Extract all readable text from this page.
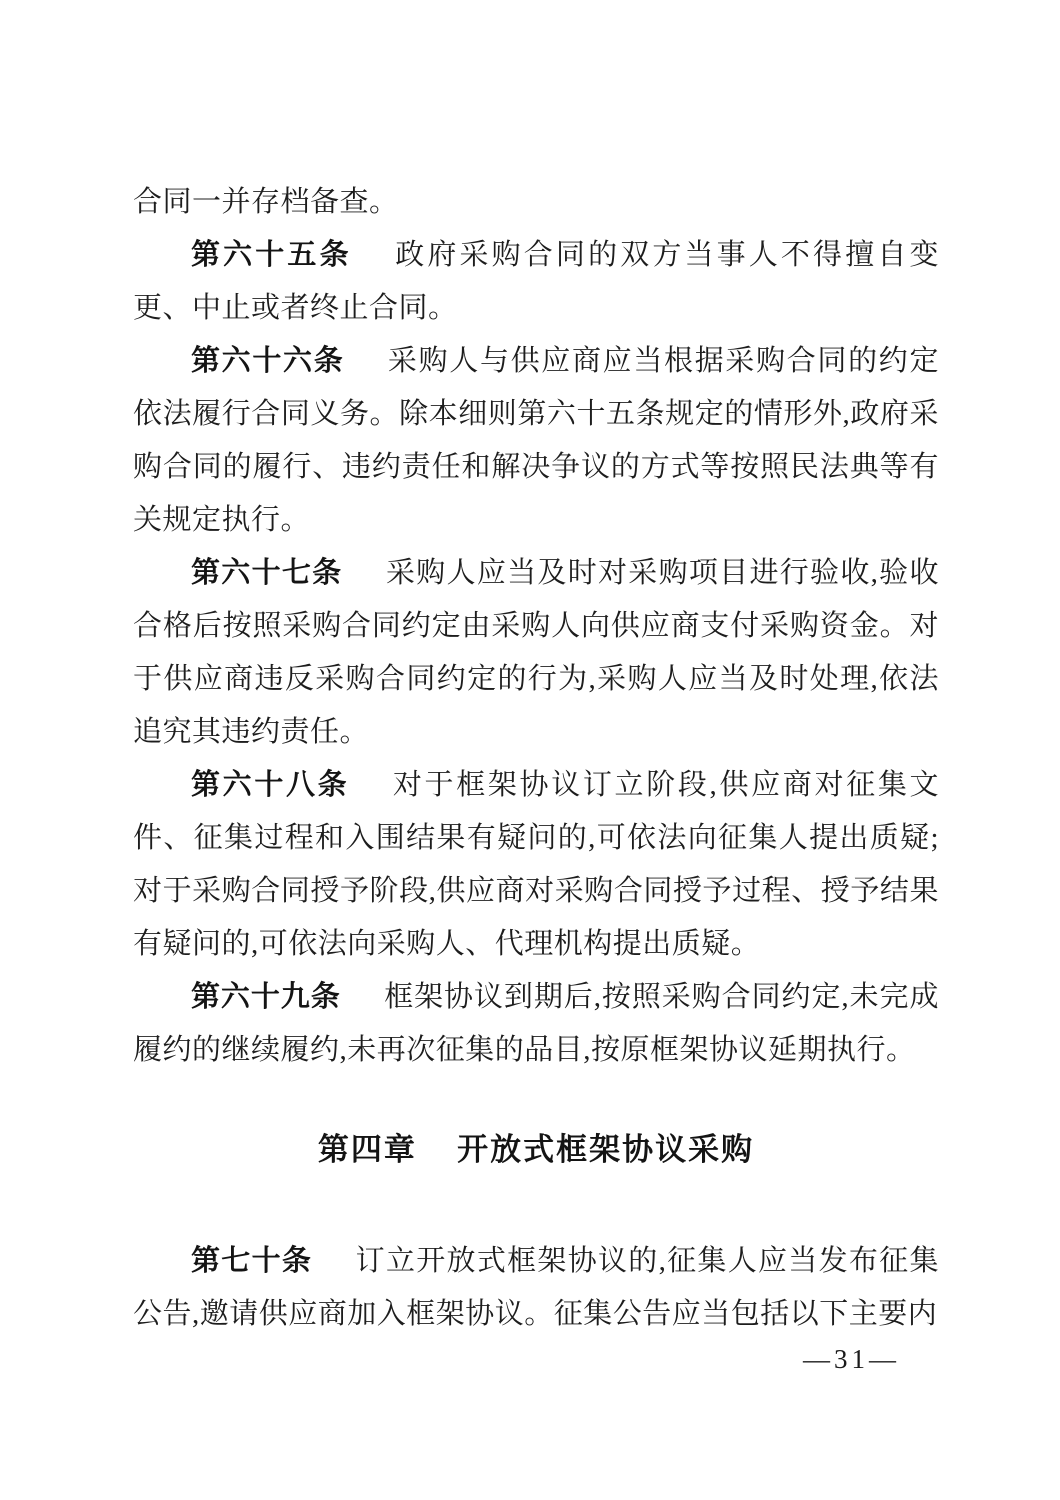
合同一并存档备查。

第六十五条 政府采购合同的双方当事人不得擅自变更、中止或者终止合同。

第六十六条 采购人与供应商应当根据采购合同的约定依法履行合同义务。除本细则第六十五条规定的情形外,政府采购合同的履行、违约责任和解决争议的方式等按照民法典等有关规定执行。

第六十七条 采购人应当及时对采购项目进行验收,验收合格后按照采购合同约定由采购人向供应商支付采购资金。对于供应商违反采购合同约定的行为,采购人应当及时处理,依法追究其违约责任。

第六十八条 对于框架协议订立阶段,供应商对征集文件、征集过程和入围结果有疑问的,可依法向征集人提出质疑;对于采购合同授予阶段,供应商对采购合同授予过程、授予结果有疑问的,可依法向采购人、代理机构提出质疑。

第六十九条 框架协议到期后,按照采购合同约定,未完成履约的继续履约,未再次征集的品目,按原框架协议延期执行。

第四章 开放式框架协议采购

第七十条 订立开放式框架协议的,征集人应当发布征集公告,邀请供应商加入框架协议。征集公告应当包括以下主要内

—31—
